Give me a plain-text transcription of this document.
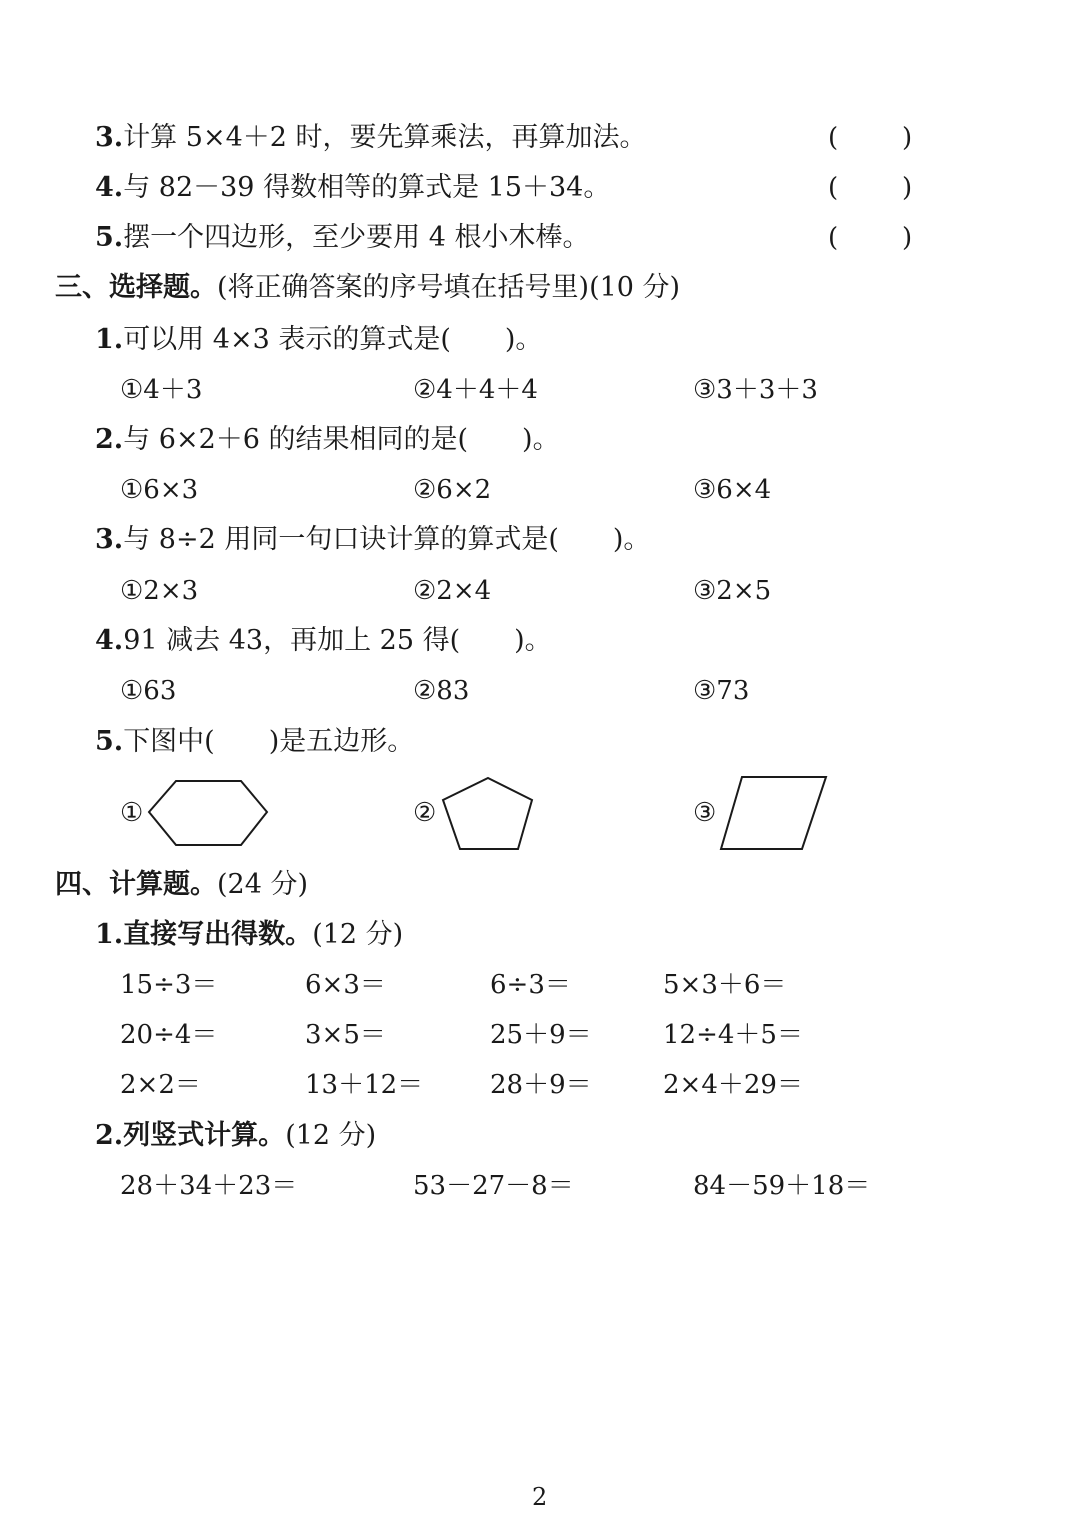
3.计算 5×4＋2 时，要先算乘法，再算加法。	( )
4.与 82－39 得数相等的算式是 15＋34。	( )
5.摆一个四边形，至少要用 4 根小木棒。	( )
三、选择题。(将正确答案的序号填在括号里)(10 分)
1.可以用 4×3 表示的算式是(　　)。
①4＋3	②4＋4＋4	③3＋3＋3
2.与 6×2＋6 的结果相同的是(　　)。
①6×3	②6×2	③6×4
3.与 8÷2 用同一句口诀计算的算式是(　　)。
①2×3	②2×4	③2×5
4.91 减去 43，再加上 25 得(　　)。
①63	②83	③73
5.下图中(　　)是五边形。
①	②	③
四、计算题。(24 分)
1.直接写出得数。(12 分)
15÷3＝	6×3＝	6÷3＝	5×3＋6＝
20÷4＝	3×5＝	25＋9＝	12÷4＋5＝
2×2＝	13＋12＝	28＋9＝	2×4＋29＝
2.列竖式计算。(12 分)
28＋34＋23＝	53－27－8＝	84－59＋18＝
2
